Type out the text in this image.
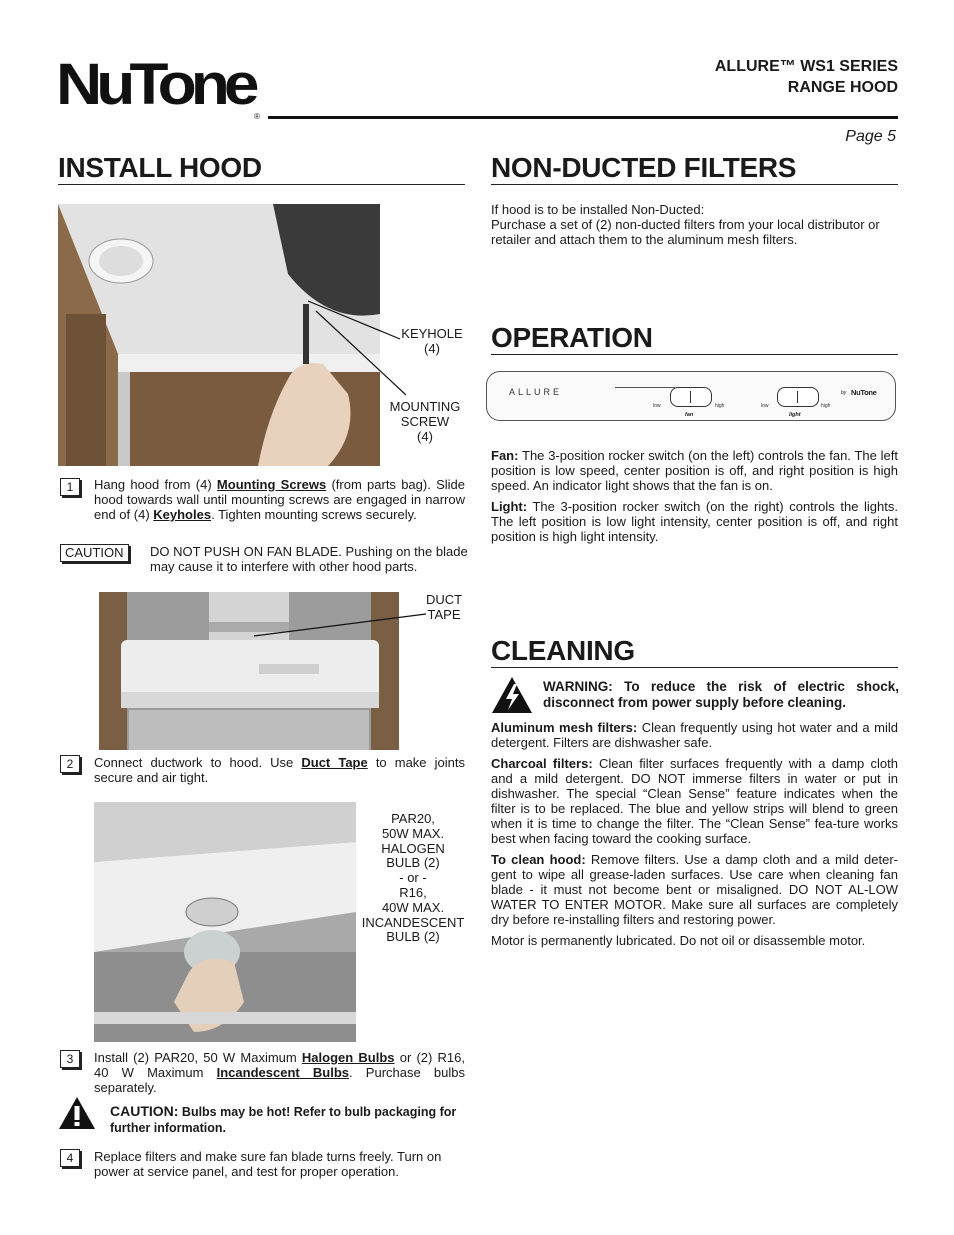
NuTone ®
ALLURE™ WS1 SERIES
RANGE HOOD
Page 5
INSTALL HOOD
KEYHOLE
(4)
MOUNTING
SCREW
(4)
1	Hang hood from (4) Mounting Screws (from parts bag). Slide hood towards wall until mounting screws are engaged in narrow end of (4) Keyholes. Tighten mounting screws securely.
CAUTION	DO NOT PUSH ON FAN BLADE. Pushing on the blade may cause it to interfere with other hood parts.
DUCT
TAPE
2	Connect ductwork to hood. Use Duct Tape to make joints secure and air tight.
PAR20,
50W MAX.
HALOGEN
BULB (2)
- or -
R16,
40W MAX.
INCANDESCENT
BULB (2)
3	Install (2) PAR20, 50 W Maximum Halogen Bulbs or (2) R16, 40 W Maximum Incandescent Bulbs. Purchase bulbs separately.
CAUTION: Bulbs may be hot! Refer to bulb packaging for further information.
4	Replace filters and make sure fan blade turns freely. Turn on power at service panel, and test for proper operation.
NON-DUCTED FILTERS
If hood is to be installed Non-Ducted:
Purchase a set of (2) non-ducted filters from your local distributor or retailer and attach them to the aluminum mesh filters.
OPERATION
ALLURE
low
fan
high	low
light
high
by NuTone

Fan: The 3-position rocker switch (on the left) controls the fan. The left position is low speed, center position is off, and right position is high speed. An indicator light shows that the fan is on.

Light: The 3-position rocker switch (on the right) controls the lights. The left position is low light intensity, center position is off, and right position is high light intensity.

CLEANING
WARNING: To reduce the risk of electric shock, disconnect from power supply before cleaning.

Aluminum mesh filters: Clean frequently using hot water and a mild detergent. Filters are dishwasher safe.

Charcoal filters: Clean filter surfaces frequently with a damp cloth and a mild detergent. DO NOT immerse filters in water or put in dishwasher. The special “Clean Sense” feature indicates when the filter is to be replaced. The blue and yellow strips will blend to green when it is time to change the filter. The “Clean Sense” fea-ture works best when facing toward the cooking surface.

To clean hood: Remove filters. Use a damp cloth and a mild deter-gent to wipe all grease-laden surfaces. Use care when cleaning fan blade - it must not become bent or misaligned. DO NOT AL-LOW WATER TO ENTER MOTOR. Make sure all surfaces are completely dry before re-installing filters and restoring power.

Motor is permanently lubricated. Do not oil or disassemble motor.
